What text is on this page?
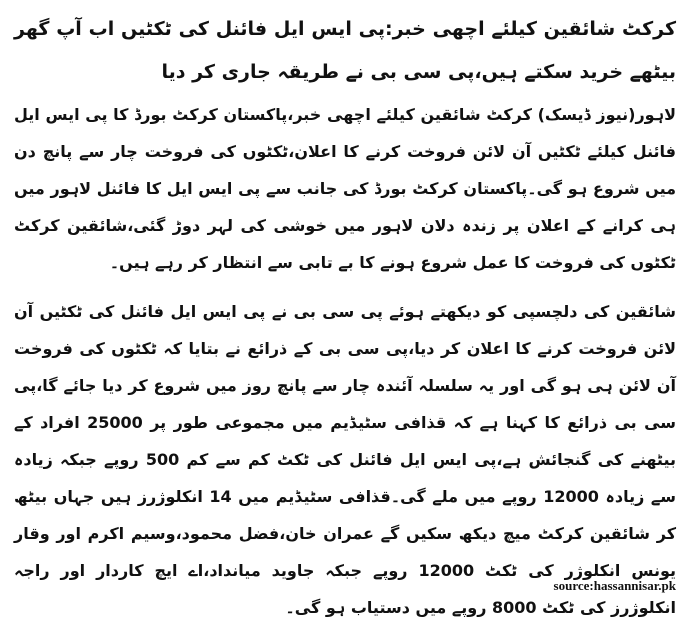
کرکٹ شائقین کیلئے اچھی خبر:پی ایس ایل فائنل کی ٹکٹیں اب آپ گھر بیٹھے خرید سکتے ہیں،پی سی بی نے طریقہ جاری کر دیا

لاہور(نیوز ڈیسک) کرکٹ شائقین کیلئے اچھی خبر،پاکستان کرکٹ بورڈ کا پی ایس ایل فائنل کیلئے ٹکٹیں آن لائن فروخت کرنے کا اعلان،ٹکٹوں کی فروخت چار سے پانچ دن میں شروع ہو گی۔پاکستان کرکٹ بورڈ کی جانب سے پی ایس ایل کا فائنل لاہور میں ہی کرانے کے اعلان پر زندہ دلان لاہور میں خوشی کی لہر دوڑ گئی،شائقین کرکٹ ٹکٹوں کی فروخت کا عمل شروع ہونے کا بے تابی سے انتظار کر رہے ہیں۔

شائقین کی دلچسپی کو دیکھتے ہوئے پی سی بی نے پی ایس ایل فائنل کی ٹکٹیں آن لائن فروخت کرنے کا اعلان کر دیا،پی سی بی کے ذرائع نے بتایا کہ ٹکٹوں کی فروخت آن لائن ہی ہو گی اور یہ سلسلہ آئندہ چار سے پانچ روز میں شروع کر دیا جائے گا،پی سی بی ذرائع کا کہنا ہے کہ قذافی سٹیڈیم میں مجموعی طور پر 25000 افراد کے بیٹھنے کی گنجائش ہے،پی ایس ایل فائنل کی ٹکٹ کم سے کم 500 روپے جبکہ زیادہ سے زیادہ 12000 روپے میں ملے گی۔قذافی سٹیڈیم میں 14 انکلوژرز ہیں جہاں بیٹھ کر شائقین کرکٹ میچ دیکھ سکیں گے عمران خان،فضل محمود،وسیم اکرم اور وقار یونس انکلوژر کی ٹکٹ 12000 روپے جبکہ جاوید میانداد،اے ایچ کاردار اور راجہ انکلوژرز کی ٹکٹ 8000 روپے میں دستیاب ہو گی۔

source:hassannisar.pk
